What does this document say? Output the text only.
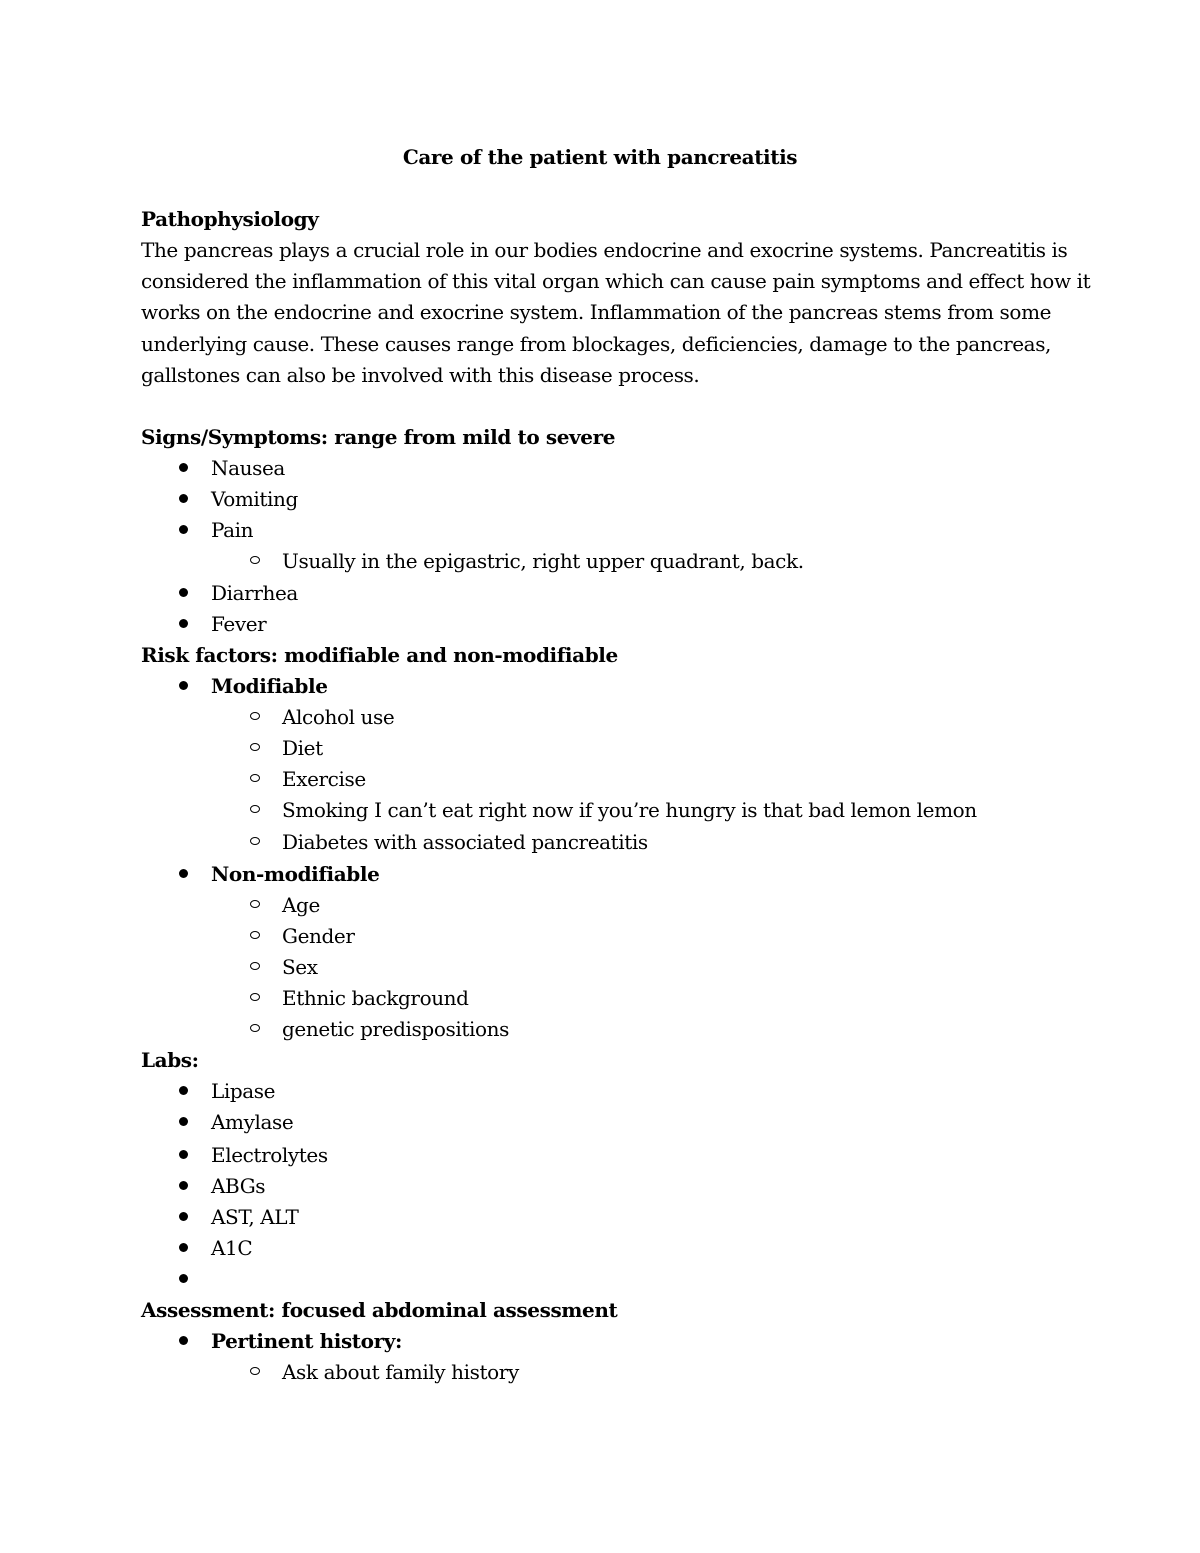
Care of the patient with pancreatitis
Pathophysiology
The pancreas plays a crucial role in our bodies endocrine and exocrine systems. Pancreatitis is
considered the inflammation of this vital organ which can cause pain symptoms and effect how it
works on the endocrine and exocrine system. Inflammation of the pancreas stems from some
underlying cause. These causes range from blockages, deficiencies, damage to the pancreas,
gallstones can also be involved with this disease process.
Signs/Symptoms: range from mild to severe
Nausea
Vomiting
Pain
Usually in the epigastric, right upper quadrant, back.
Diarrhea
Fever
Risk factors: modifiable and non-modifiable
Modifiable
Alcohol use
Diet
Exercise
Smoking I can’t eat right now if you’re hungry is that bad lemon lemon
Diabetes with associated pancreatitis
Non-modifiable
Age
Gender
Sex
Ethnic background
genetic predispositions
Labs:
Lipase
Amylase
Electrolytes
ABGs
AST, ALT
A1C
Assessment: focused abdominal assessment
Pertinent history:
Ask about family history
